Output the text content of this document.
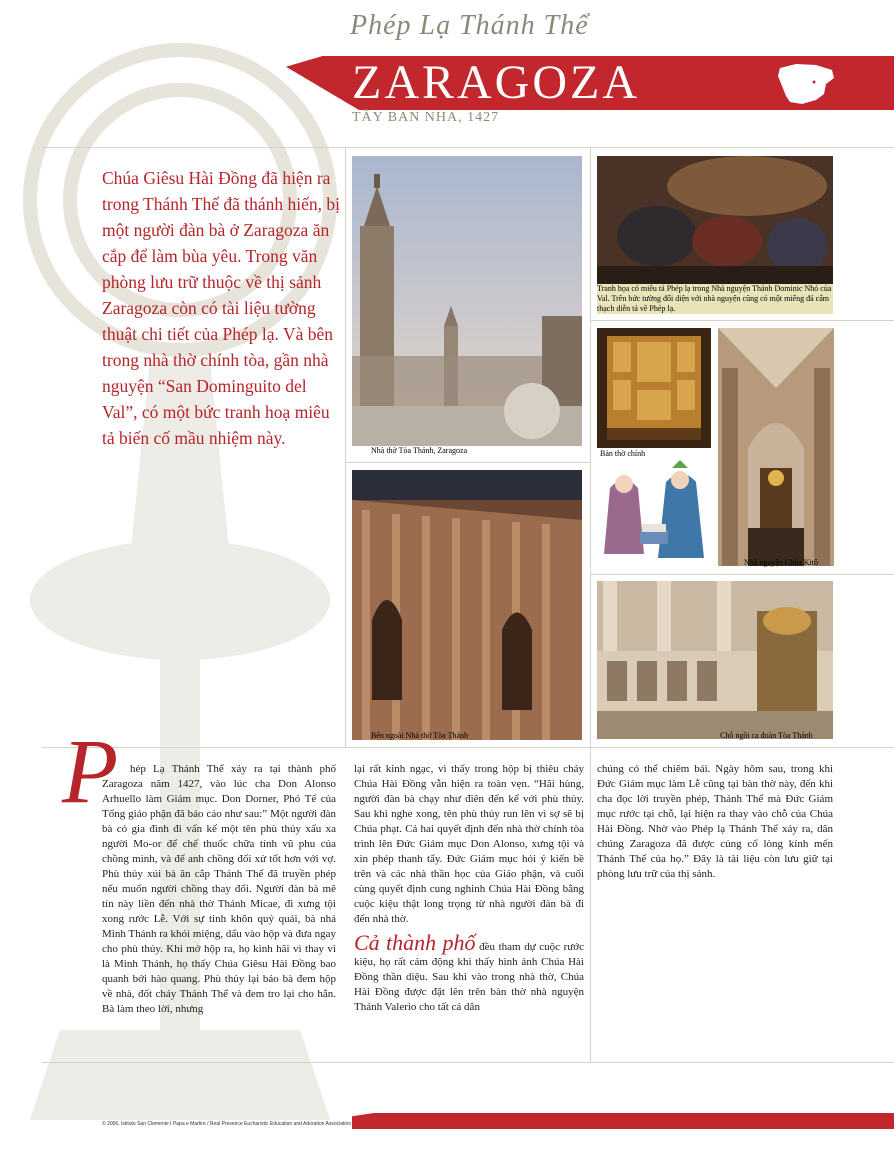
Phép Lạ Thánh Thể
ZARAGOZA
TÂY BAN NHA, 1427
Chúa Giêsu Hài Đồng đã hiện ra trong Thánh Thể đã thánh hiến, bị một người đàn bà ở Zaragoza ăn cắp để làm bùa yêu. Trong văn phòng lưu trữ thuộc về thị sảnh Zaragoza còn có tài liệu tường thuật chi tiết của Phép lạ. Và bên trong nhà thờ chính tòa, gần nhà nguyện “San Dominguito del Val”, có một bức tranh hoạ miêu tả biến cố mầu nhiệm này.
Nhà thờ Tòa Thánh, Zaragoza
Tranh họa có miêu tả Phép lạ trong Nhà nguyện Thánh Dominic Nhỏ của Val. Trên bức tường đối diện với nhà nguyện cũng có một miếng đá cẩm thạch diễn tả về Phép lạ.
Bàn thờ chính
Nhà nguyện Chúa Kitô
Bên ngoài Nhà thờ Tòa Thánh	Chỗ ngồi ca đoàn Tòa Thánh
P	hép Lạ Thánh Thể xảy ra tại thành phố Zaragoza năm 1427, vào lúc cha Don Alonso Arhuello làm Giám mục. Don Dorner, Phó Tế của Tổng giáo phận đã báo cáo như sau:” Một người đàn bà có gia đình đi vấn kế một tên phù thủy xấu xa người Mo-or để chế thuốc chữa tính vũ phu của chồng mình, và để anh chồng đối xử tốt hơn với vợ. Phù thủy xúi bà ăn cắp Thánh Thể đã truyền phép nếu muốn người chồng thay đổi. Người đàn bà mê tín này liền đến nhà thờ Thánh Micae, đi xưng tội xong rước Lễ. Với sự tinh khôn quỷ quái, bà nhả Minh Thánh ra khỏi miệng, dấu vào hộp và đưa ngay cho phù thủy. Khi mở hộp ra, họ kinh hãi vì thay vì là Minh Thánh, họ thấy Chúa Giêsu Hài Đồng bao quanh bởi hào quang. Phù thủy lại bảo bà đem hộp về nhà, đốt cháy Thánh Thể và đem tro lại cho hắn. Bà làm theo lời, nhưng
lại rất kinh ngạc, vì thấy trong hộp bị thiêu cháy Chúa Hài Đồng vẫn hiện ra toàn vẹn. “Hãi hùng, người đàn bà chạy như điên đến kể với phù thủy. Sau khi nghe xong, tên phù thủy run lên vì sợ sẽ bị Chúa phạt. Cả hai quyết định đến nhà thờ chính tòa trình lên Đức Giám mục Don Alonso, xưng tội và xin phép thanh tẩy. Đức Giám mục hỏi ý kiến bề trên và các nhà thần học của Giáo phận, và cuối cùng quyết định cung nghinh Chúa Hài Đồng bằng cuộc kiệu thật long trọng từ nhà người đàn bà đi đến nhà thờ.
Cả thành phố đều tham dự cuộc rước kiệu, họ rất cảm động khi thấy hình ảnh Chúa Hài Đồng thần diệu. Sau khi vào trong nhà thờ, Chúa Hài Đồng được đặt lên trên bàn thờ nhà nguyện Thánh Valerio cho tất cả dân
chúng có thể chiêm bái. Ngày hôm sau, trong khi Đức Giám mục làm Lễ cũng tại bàn thờ này, đến khi cha đọc lời truyền phép, Thánh Thể mà Đức Giám mục rước tại chỗ, lại hiện ra thay vào chỗ của Chúa Hài Đồng. Nhờ vào Phép lạ Thánh Thể xảy ra, dân chúng Zaragoza đã được củng cố lòng kính mến Thánh Thể của họ.” Đây là tài liệu còn lưu giữ tại phòng lưu trữ của thị sảnh.
© 2006, Istituto San Clemente I Papa e Martire / Real Presence Eucharistic Education and Adoration Association
